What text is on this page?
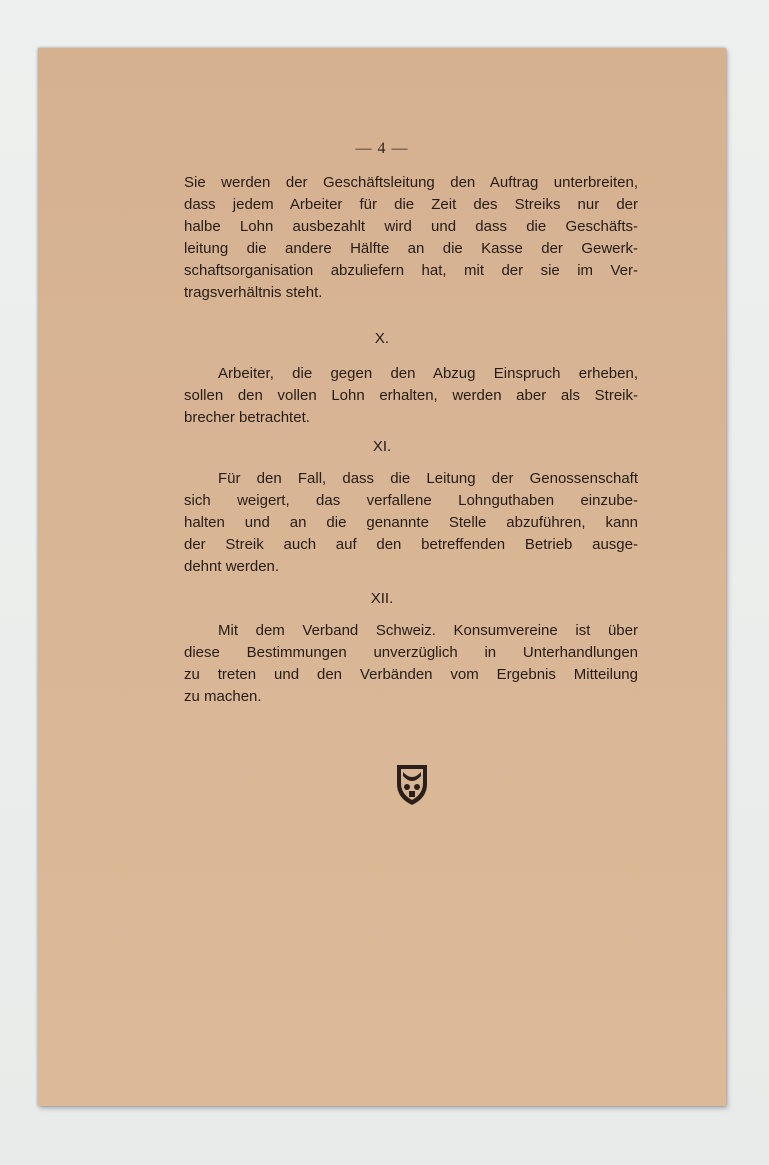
— 4 —
Sie werden der Geschäftsleitung den Auftrag unterbreiten,
dass jedem Arbeiter für die Zeit des Streiks nur der
halbe Lohn ausbezahlt wird und dass die Geschäfts-
leitung die andere Hälfte an die Kasse der Gewerk-
schaftsorganisation abzuliefern hat, mit der sie im Ver-
tragsverhältnis steht.
X.
Arbeiter, die gegen den Abzug Einspruch erheben,
sollen den vollen Lohn erhalten, werden aber als Streik-
brecher betrachtet.
XI.
Für den Fall, dass die Leitung der Genossenschaft
sich weigert, das verfallene Lohnguthaben einzube-
halten und an die genannte Stelle abzuführen, kann
der Streik auch auf den betreffenden Betrieb ausge-
dehnt werden.
XII.
Mit dem Verband Schweiz. Konsumvereine ist über
diese Bestimmungen unverzüglich in Unterhandlungen
zu treten und den Verbänden vom Ergebnis Mitteilung
zu machen.
